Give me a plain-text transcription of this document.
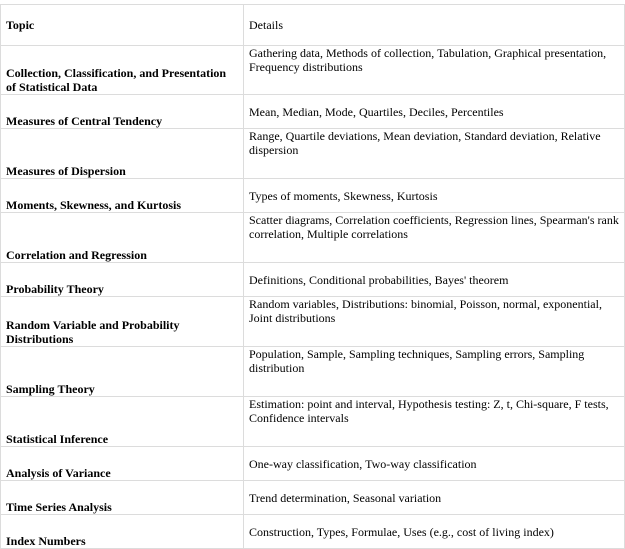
Topic	Details
Collection, Classification, and Presentation of Statistical Data	Gathering data, Methods of collection, Tabulation, Graphical presentation, Frequency distributions
Measures of Central Tendency	Mean, Median, Mode, Quartiles, Deciles, Percentiles
Measures of Dispersion	Range, Quartile deviations, Mean deviation, Standard deviation, Relative dispersion
Moments, Skewness, and Kurtosis	Types of moments, Skewness, Kurtosis
Correlation and Regression	Scatter diagrams, Correlation coefficients, Regression lines, Spearman's rank correlation, Multiple correlations
Probability Theory	Definitions, Conditional probabilities, Bayes' theorem
Random Variable and Probability Distributions	Random variables, Distributions: binomial, Poisson, normal, exponential, Joint distributions
Sampling Theory	Population, Sample, Sampling techniques, Sampling errors, Sampling distribution
Statistical Inference	Estimation: point and interval, Hypothesis testing: Z, t, Chi-square, F tests, Confidence intervals
Analysis of Variance	One-way classification, Two-way classification
Time Series Analysis	Trend determination, Seasonal variation
Index Numbers	Construction, Types, Formulae, Uses (e.g., cost of living index)
